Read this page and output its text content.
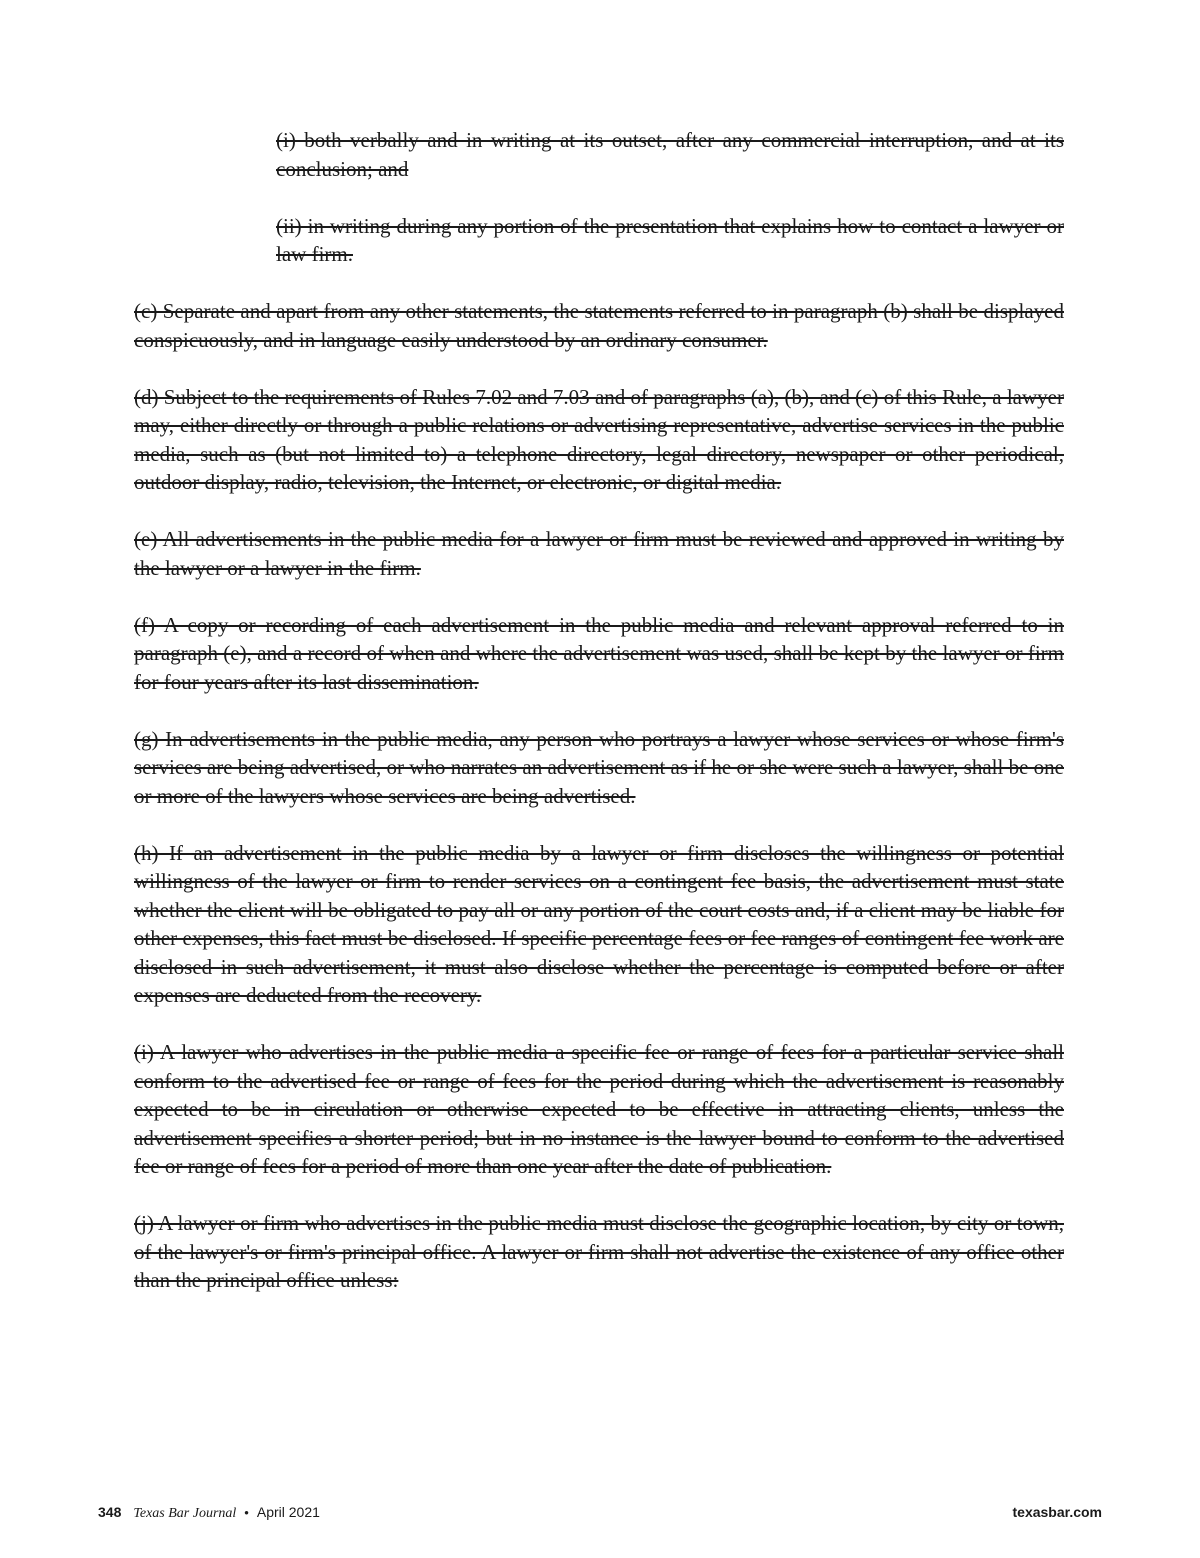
(i) both verbally and in writing at its outset, after any commercial interruption, and at its conclusion; and

(ii) in writing during any portion of the presentation that explains how to contact a lawyer or law firm.

(c) Separate and apart from any other statements, the statements referred to in paragraph (b) shall be displayed conspicuously, and in language easily understood by an ordinary consumer.

(d) Subject to the requirements of Rules 7.02 and 7.03 and of paragraphs (a), (b), and (c) of this Rule, a lawyer may, either directly or through a public relations or advertising representative, advertise services in the public media, such as (but not limited to) a telephone directory, legal directory, newspaper or other periodical, outdoor display, radio, television, the Internet, or electronic, or digital media.

(e) All advertisements in the public media for a lawyer or firm must be reviewed and approved in writing by the lawyer or a lawyer in the firm.

(f) A copy or recording of each advertisement in the public media and relevant approval referred to in paragraph (e), and a record of when and where the advertisement was used, shall be kept by the lawyer or firm for four years after its last dissemination.

(g) In advertisements in the public media, any person who portrays a lawyer whose services or whose firm's services are being advertised, or who narrates an advertisement as if he or she were such a lawyer, shall be one or more of the lawyers whose services are being advertised.

(h) If an advertisement in the public media by a lawyer or firm discloses the willingness or potential willingness of the lawyer or firm to render services on a contingent fee basis, the advertisement must state whether the client will be obligated to pay all or any portion of the court costs and, if a client may be liable for other expenses, this fact must be disclosed. If specific percentage fees or fee ranges of contingent fee work are disclosed in such advertisement, it must also disclose whether the percentage is computed before or after expenses are deducted from the recovery.

(i) A lawyer who advertises in the public media a specific fee or range of fees for a particular service shall conform to the advertised fee or range of fees for the period during which the advertisement is reasonably expected to be in circulation or otherwise expected to be effective in attracting clients, unless the advertisement specifies a shorter period; but in no instance is the lawyer bound to conform to the advertised fee or range of fees for a period of more than one year after the date of publication.

(j) A lawyer or firm who advertises in the public media must disclose the geographic location, by city or town, of the lawyer's or firm's principal office. A lawyer or firm shall not advertise the existence of any office other than the principal office unless:

348 Texas Bar Journal • April 2021	texasbar.com
